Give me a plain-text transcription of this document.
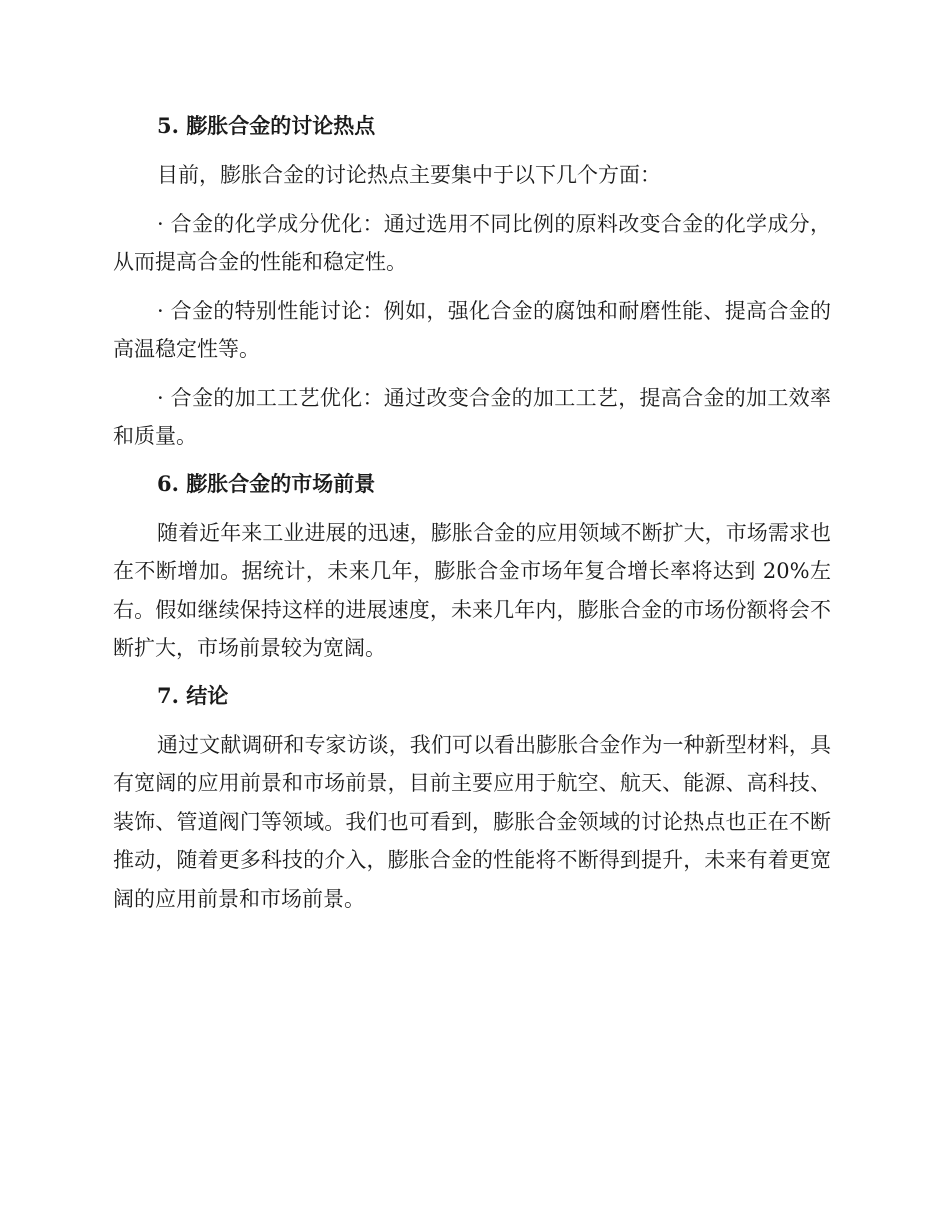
5. 膨胀合金的讨论热点

目前，膨胀合金的讨论热点主要集中于以下几个方面：

· 合金的化学成分优化：通过选用不同比例的原料改变合金的化学成分，从而提高合金的性能和稳定性。

· 合金的特别性能讨论：例如，强化合金的腐蚀和耐磨性能、提高合金的高温稳定性等。

· 合金的加工工艺优化：通过改变合金的加工工艺，提高合金的加工效率和质量。

6. 膨胀合金的市场前景

随着近年来工业进展的迅速，膨胀合金的应用领域不断扩大，市场需求也在不断增加。据统计，未来几年，膨胀合金市场年复合增长率将达到 20%左右。假如继续保持这样的进展速度，未来几年内，膨胀合金的市场份额将会不断扩大，市场前景较为宽阔。

7. 结论

通过文献调研和专家访谈，我们可以看出膨胀合金作为一种新型材料，具有宽阔的应用前景和市场前景，目前主要应用于航空、航天、能源、高科技、装饰、管道阀门等领域。我们也可看到，膨胀合金领域的讨论热点也正在不断推动，随着更多科技的介入，膨胀合金的性能将不断得到提升，未来有着更宽阔的应用前景和市场前景。
